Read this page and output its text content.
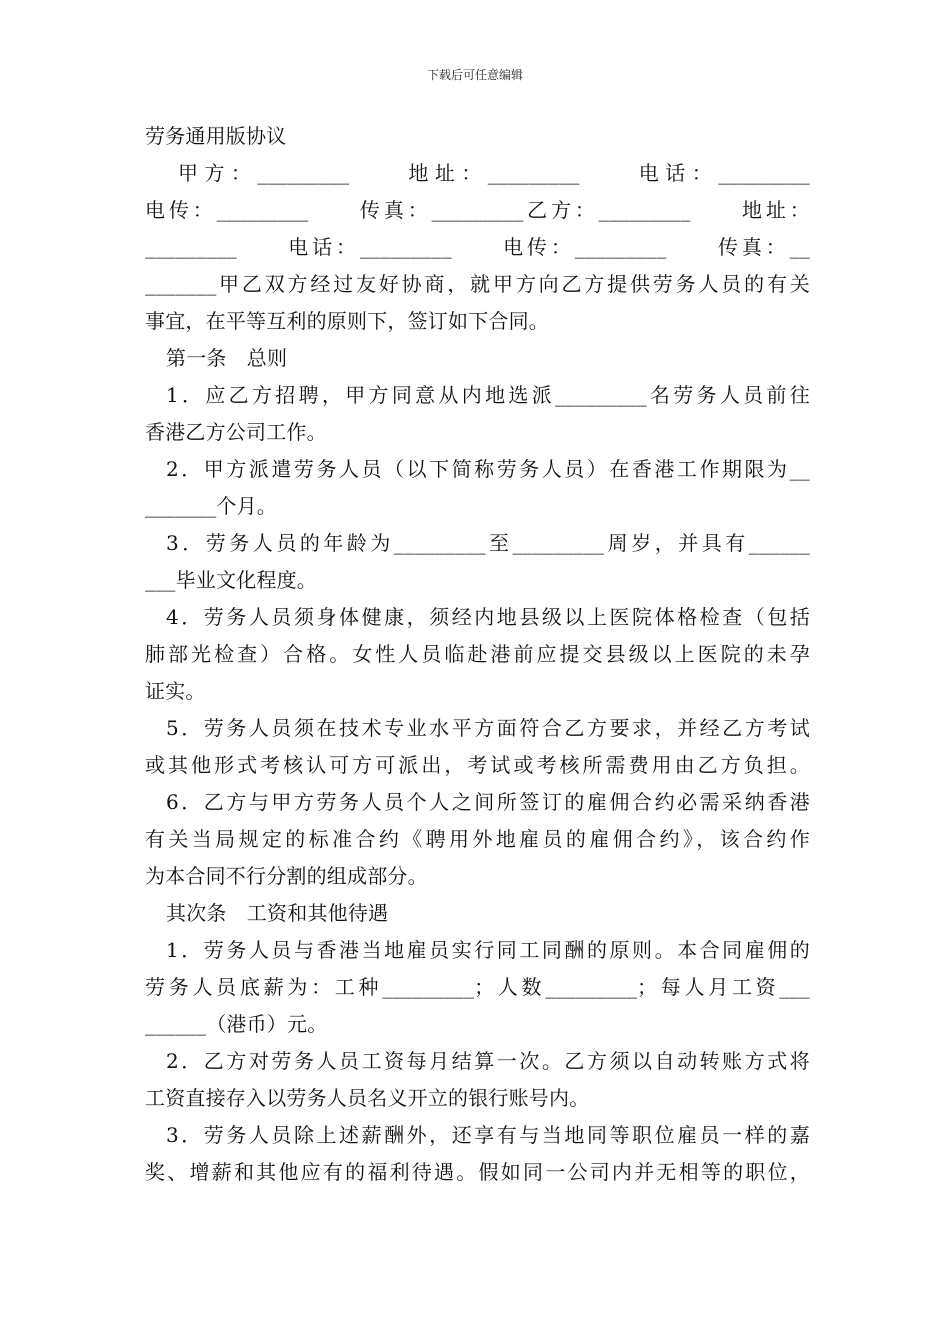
下载后可任意编辑
劳务通用版协议
甲方：_________　　地址：_________　　电话：_________
电传：_________　　传真：_________乙方：_________　　地址：
_________　　电话：_________　　电传：_________　　传真：__
_______甲乙双方经过友好协商，就甲方向乙方提供劳务人员的有关
事宜，在平等互利的原则下，签订如下合同。
第一条　总则
1．应乙方招聘，甲方同意从内地选派_________名劳务人员前往
香港乙方公司工作。
2．甲方派遣劳务人员（以下简称劳务人员）在香港工作期限为__
_______个月。
3．劳务人员的年龄为_________至_________周岁，并具有______
___毕业文化程度。
4．劳务人员须身体健康，须经内地县级以上医院体格检查（包括
肺部光检查）合格。女性人员临赴港前应提交县级以上医院的未孕
证实。
5．劳务人员须在技术专业水平方面符合乙方要求，并经乙方考试
或其他形式考核认可方可派出，考试或考核所需费用由乙方负担。
6．乙方与甲方劳务人员个人之间所签订的雇佣合约必需采纳香港
有关当局规定的标准合约《聘用外地雇员的雇佣合约》，该合约作
为本合同不行分割的组成部分。
其次条　工资和其他待遇
1．劳务人员与香港当地雇员实行同工同酬的原则。本合同雇佣的
劳务人员底薪为：工种_________；人数_________；每人月工资___
______（港币）元。
2．乙方对劳务人员工资每月结算一次。乙方须以自动转账方式将
工资直接存入以劳务人员名义开立的银行账号内。
3．劳务人员除上述薪酬外，还享有与当地同等职位雇员一样的嘉
奖、增薪和其他应有的福利待遇。假如同一公司内并无相等的职位，
